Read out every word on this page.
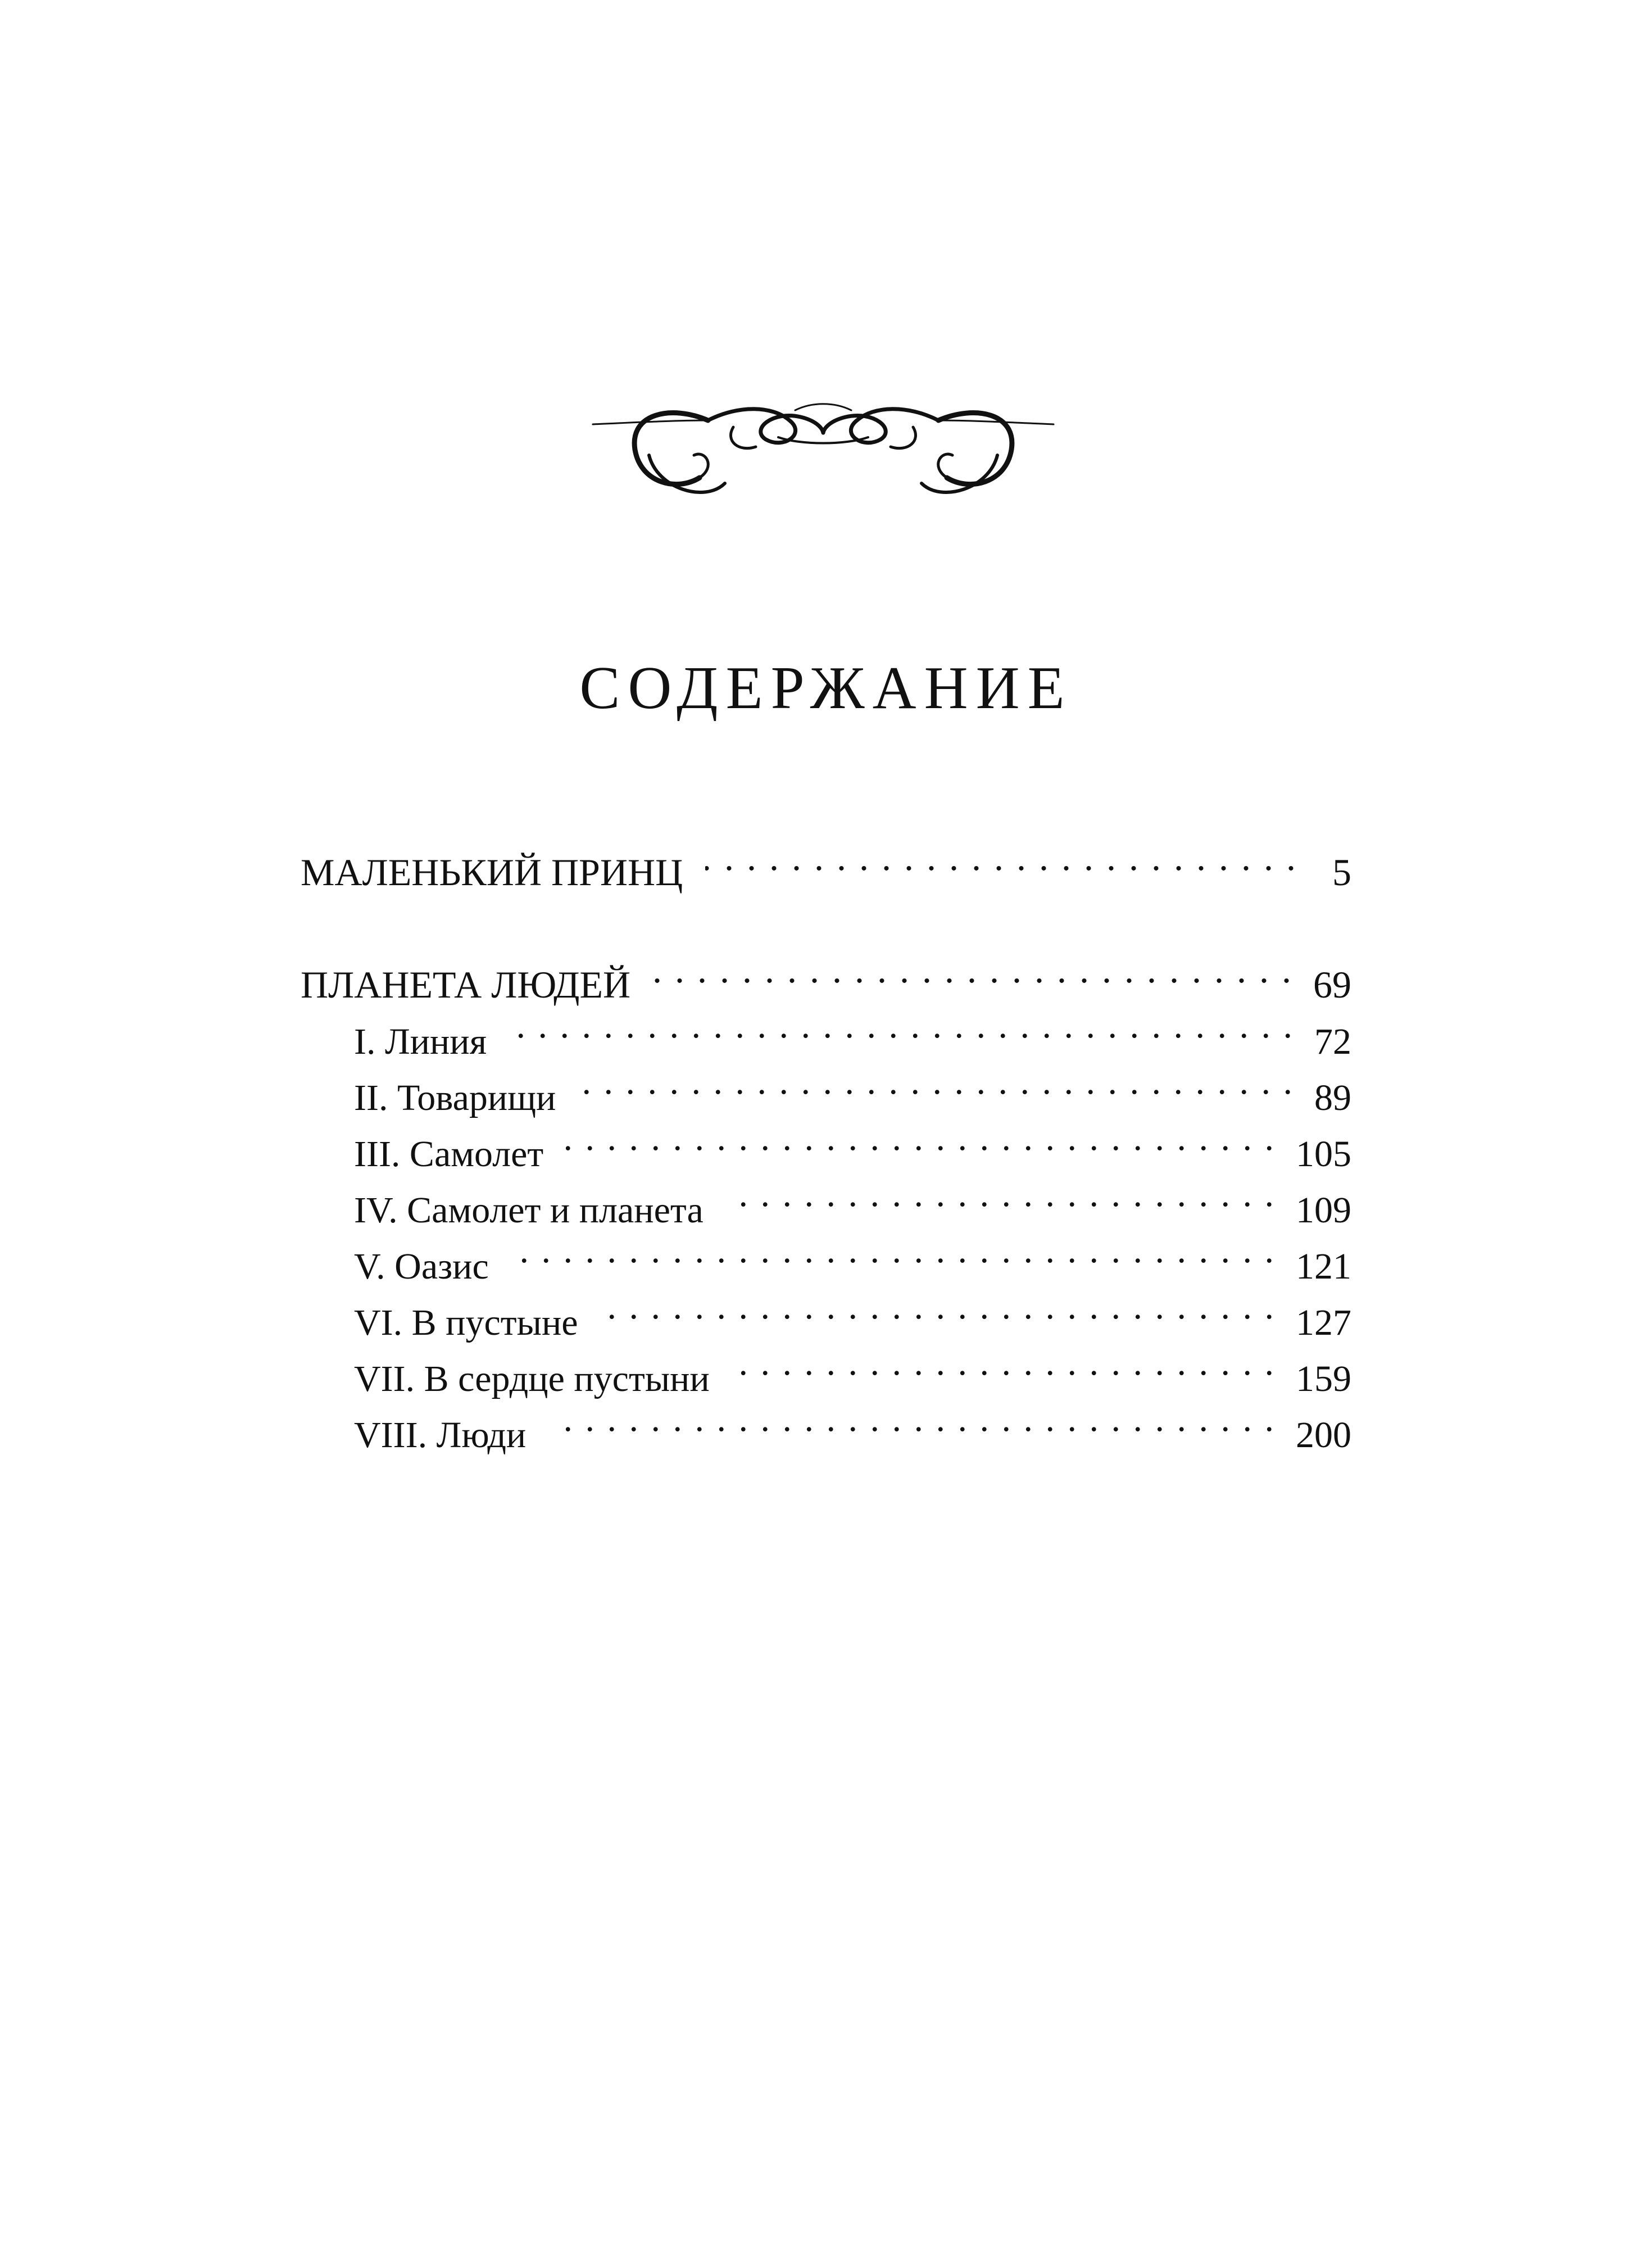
СОДЕРЖАНИЕ
МАЛЕНЬКИЙ ПРИНЦ . . .	5
ПЛАНЕТА ЛЮДЕЙ . . .	69
I. Линия . . .	72
II. Товарищи . . .	89
III. Самолет . . .	105
IV. Самолет и планета . . .	109
V. Оазис . . .	121
VI. В пустыне . . .	127
VII. В сердце пустыни . . .	159
VIII. Люди . . .	200
